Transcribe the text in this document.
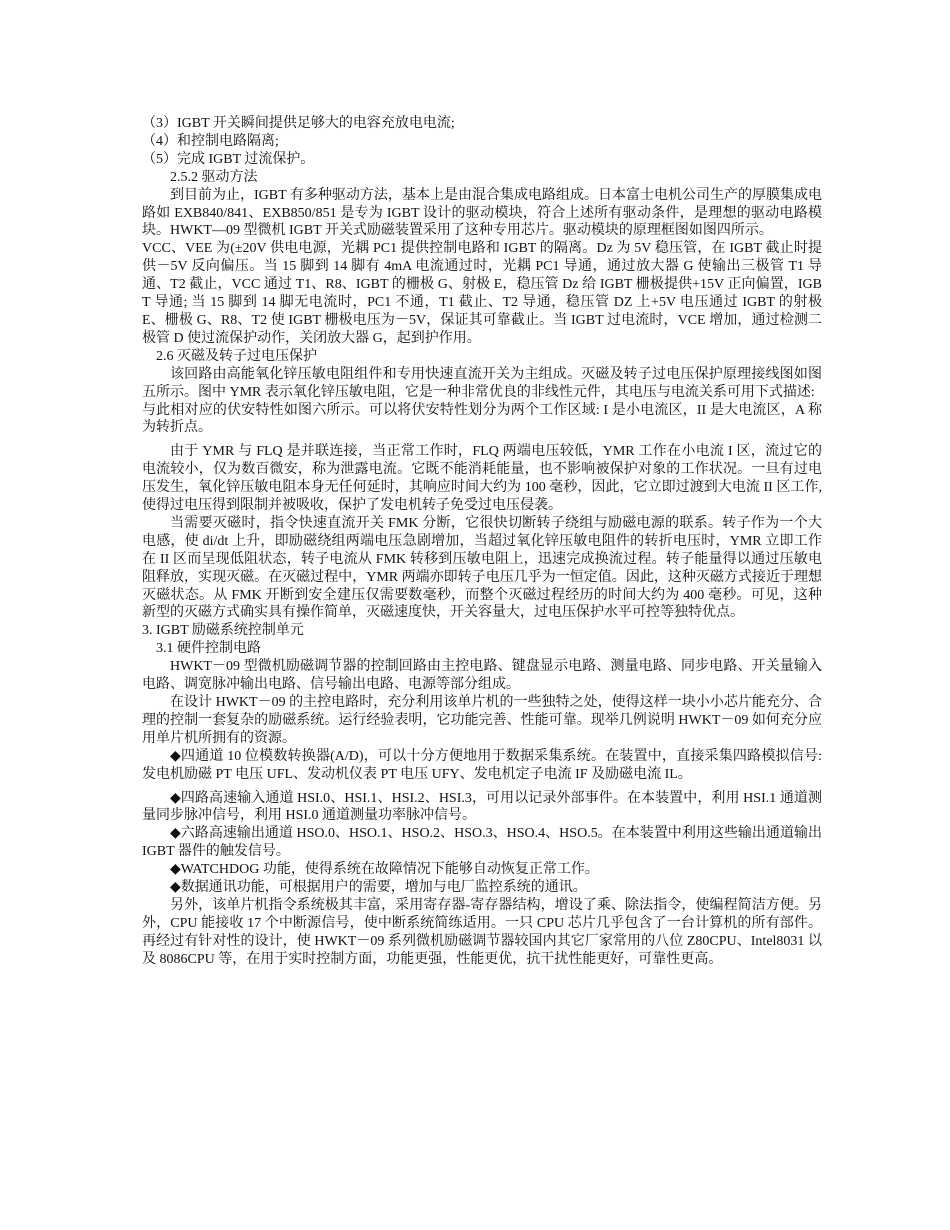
（3）IGBT 开关瞬间提供足够大的电容充放电电流;

（4）和控制电路隔离;

（5）完成 IGBT 过流保护。

2.5.2 驱动方法

到目前为止，IGBT 有多种驱动方法，基本上是由混合集成电路组成。日本富士电机公司生产的厚膜集成电路如 EXB840/841、EXB850/851 是专为 IGBT 设计的驱动模块，符合上述所有驱动条件，是理想的驱动电路模块。HWKT—09 型微机 IGBT 开关式励磁装置采用了这种专用芯片。驱动模块的原理框图如图四所示。

VCC、VEE 为(±20V 供电电源，光耦 PC1 提供控制电路和 IGBT 的隔离。Dz 为 5V 稳压管，在 IGBT 截止时提供－5V 反向偏压。当 15 脚到 14 脚有 4mA 电流通过时，光耦 PC1 导通，通过放大器 G 使输出三极管 T1 导通、T2 截止，VCC 通过 T1、R8、IGBT 的栅极 G、射极 E，稳压管 Dz 给 IGBT 栅极提供+15V 正向偏置，IGBT 导通; 当 15 脚到 14 脚无电流时，PC1 不通，T1 截止、T2 导通，稳压管 DZ 上+5V 电压通过 IGBT 的射极 E、栅极 G、R8、T2 使 IGBT 栅极电压为－5V，保证其可靠截止。当 IGBT 过电流时，VCE 增加，通过检测二极管 D 使过流保护动作，关闭放大器 G，起到护作用。

2.6 灭磁及转子过电压保护

该回路由高能氧化锌压敏电阻组件和专用快速直流开关为主组成。灭磁及转子过电压保护原理接线图如图五所示。图中 YMR 表示氧化锌压敏电阻，它是一种非常优良的非线性元件，其电压与电流关系可用下式描述:

与此相对应的伏安特性如图六所示。可以将伏安特性划分为两个工作区域: I 是小电流区，II 是大电流区，A 称为转折点。

由于 YMR 与 FLQ 是并联连接，当正常工作时，FLQ 两端电压较低，YMR 工作在小电流 I 区，流过它的电流较小，仅为数百微安，称为泄露电流。它既不能消耗能量，也不影响被保护对象的工作状况。一旦有过电压发生，氧化锌压敏电阻本身无任何延时，其响应时间大约为 100 毫秒，因此，它立即过渡到大电流 II 区工作,使得过电压得到限制并被吸收，保护了发电机转子免受过电压侵袭。

当需要灭磁时，指令快速直流开关 FMK 分断，它很快切断转子绕组与励磁电源的联系。转子作为一个大电感，使 di/dt 上升，即励磁绕组两端电压急剧增加，当超过氧化锌压敏电阻件的转折电压时，YMR 立即工作在 II 区而呈现低阻状态，转子电流从 FMK 转移到压敏电阻上，迅速完成换流过程。转子能量得以通过压敏电阻释放，实现灭磁。在灭磁过程中，YMR 两端亦即转子电压几乎为一恒定值。因此，这种灭磁方式接近于理想灭磁状态。从 FMK 开断到安全建压仅需要数毫秒，而整个灭磁过程经历的时间大约为 400 毫秒。可见，这种新型的灭磁方式确实具有操作简单，灭磁速度快，开关容量大，过电压保护水平可控等独特优点。

3. IGBT 励磁系统控制单元

3.1 硬件控制电路

HWKT－09 型微机励磁调节器的控制回路由主控电路、键盘显示电路、测量电路、同步电路、开关量输入电路、调宽脉冲输出电路、信号输出电路、电源等部分组成。

在设计 HWKT－09 的主控电路时，充分利用该单片机的一些独特之处，使得这样一块小小芯片能充分、合理的控制一套复杂的励磁系统。运行经验表明，它功能完善、性能可靠。现举几例说明 HWKT－09 如何充分应用单片机所拥有的资源。

◆四通道 10 位模数转换器(A/D)，可以十分方便地用于数据采集系统。在装置中，直接采集四路模拟信号: 发电机励磁 PT 电压 UFL、发动机仪表 PT 电压 UFY、发电机定子电流 IF 及励磁电流 IL。

◆四路高速输入通道 HSI.0、HSI.1、HSI.2、HSI.3，可用以记录外部事件。在本装置中，利用 HSI.1 通道测量同步脉冲信号，利用 HSI.0 通道测量功率脉冲信号。

◆六路高速输出通道 HSO.0、HSO.1、HSO.2、HSO.3、HSO.4、HSO.5。在本装置中利用这些输出通道输出 IGBT 器件的触发信号。

◆WATCHDOG 功能，使得系统在故障情况下能够自动恢复正常工作。

◆数据通讯功能，可根据用户的需要，增加与电厂监控系统的通讯。

另外，该单片机指令系统极其丰富，采用寄存器-寄存器结构，增设了乘、除法指令，使编程简洁方便。另外，CPU 能接收 17 个中断源信号，使中断系统简练适用。一只 CPU 芯片几乎包含了一台计算机的所有部件。再经过有针对性的设计，使 HWKT－09 系列微机励磁调节器较国内其它厂家常用的八位 Z80CPU、Intel8031 以及 8086CPU 等，在用于实时控制方面，功能更强，性能更优，抗干扰性能更好，可靠性更高。
